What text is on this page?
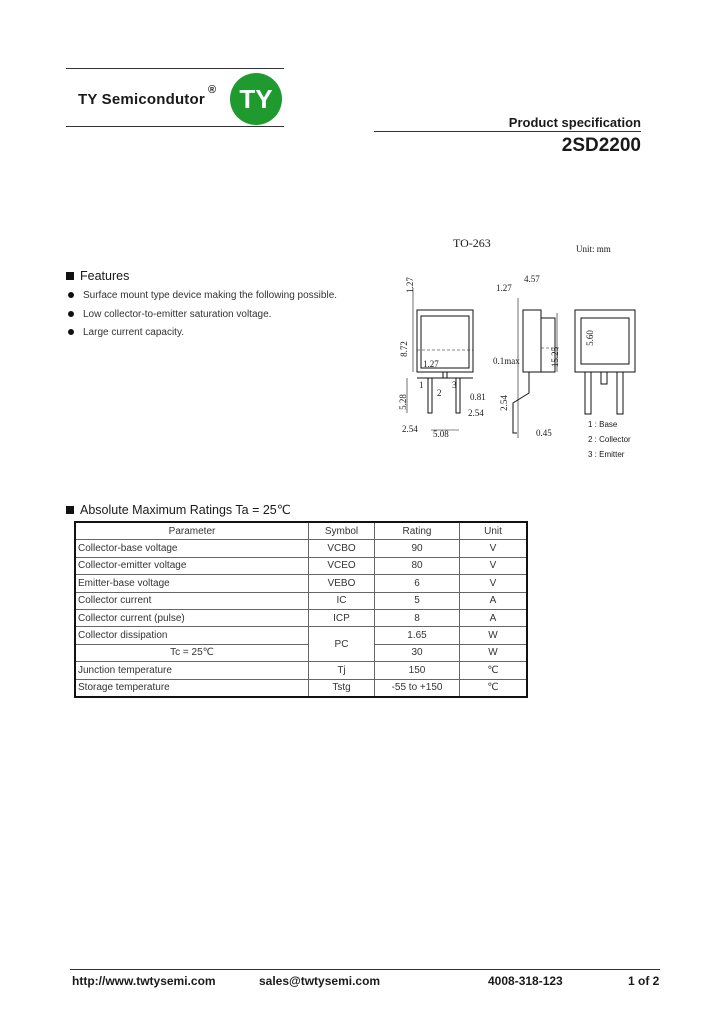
TY Semicondutor
® TY
Product specification
2SD2200
TO-263	Unit: mm
1.27	4.57
1.27
1.27
8.72
0.1max	15.25
5.60
5.28	0.81
2.54
2.54
2.54 5.08	0.45
1
2
3
1 : Base
2 : Collector
3 : Emitter
Features
Surface mount type device making the following possible.
Low collector-to-emitter saturation voltage.
Large current capacity.
Absolute Maximum Ratings Ta = 25℃
Parameter	Symbol	Rating	Unit
Collector-base voltage	VCBO	90	V
Collector-emitter voltage	VCEO	80	V
Emitter-base voltage	VEBO	6	V
Collector current	IC	5	A
Collector current (pulse)	ICP	8	A
Collector dissipation	PC	1.65	W
Tc = 25℃		30	W
Junction temperature	Tj	150	℃
Storage temperature	Tstg	-55 to +150	℃
http://www.twtysemi.com	sales@twtysemi.com	4008-318-123	1 of 2
